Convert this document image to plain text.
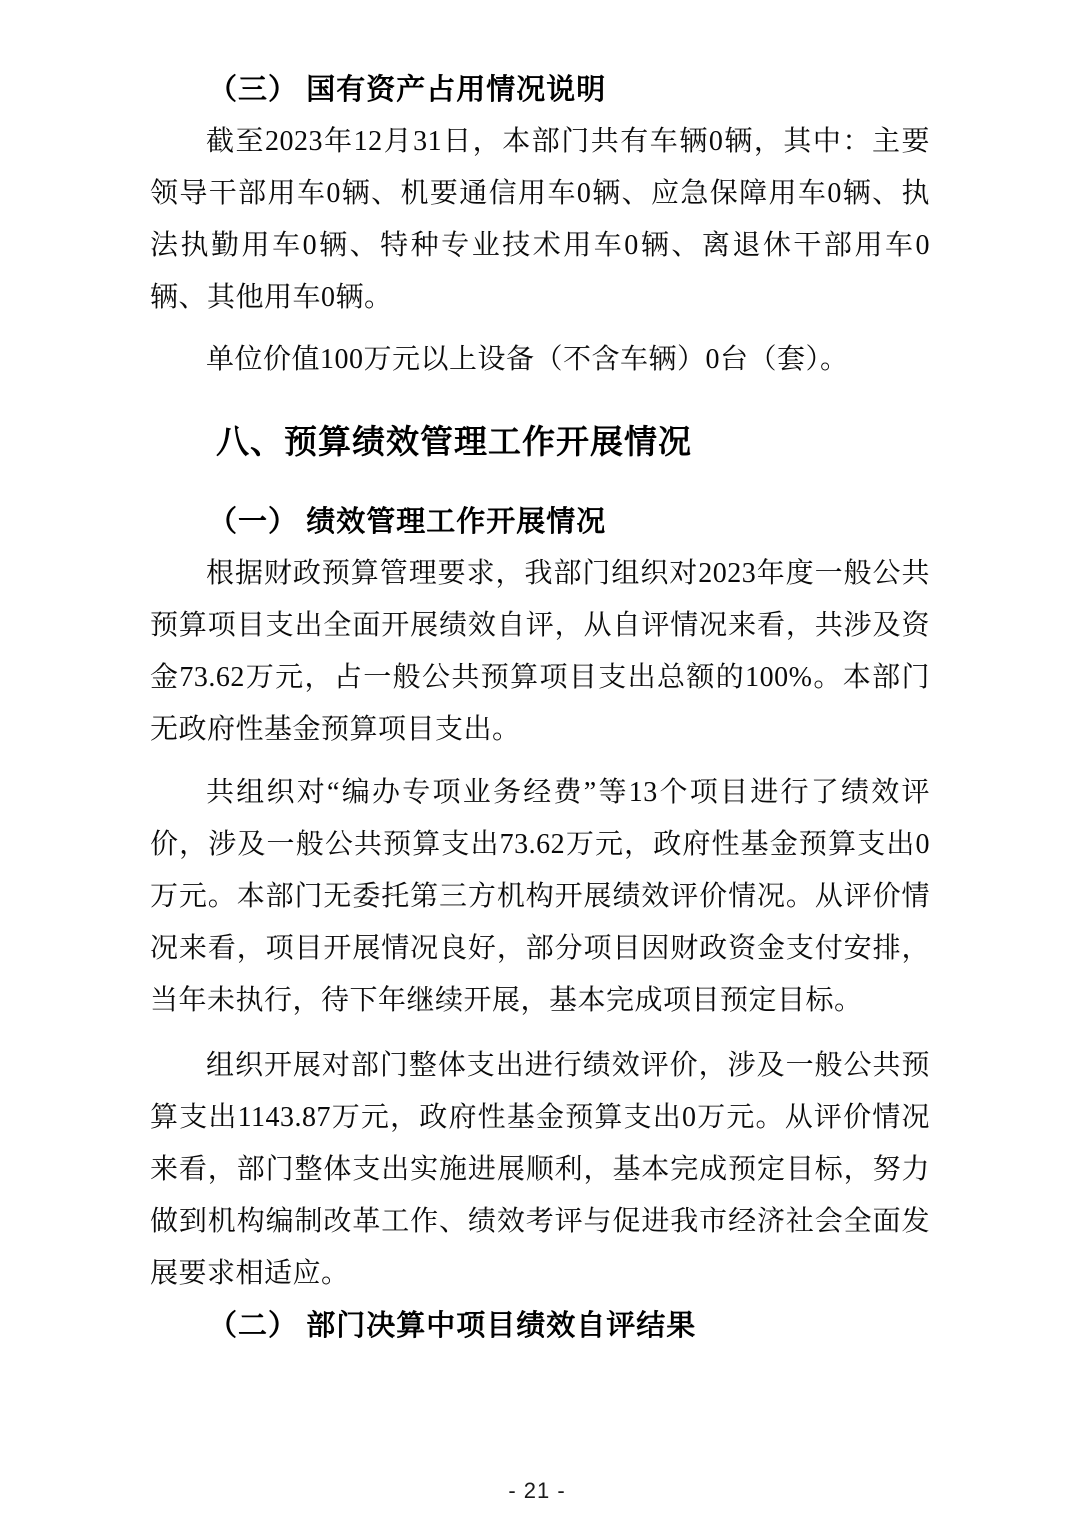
（三） 国有资产占用情况说明

截至2023年12月31日，本部门共有车辆0辆，其中：主要领导干部用车0辆、机要通信用车0辆、应急保障用车0辆、执法执勤用车0辆、特种专业技术用车0辆、离退休干部用车0辆、其他用车0辆。

单位价值100万元以上设备（不含车辆）0台（套）。

八、预算绩效管理工作开展情况
（一） 绩效管理工作开展情况

根据财政预算管理要求，我部门组织对2023年度一般公共预算项目支出全面开展绩效自评，从自评情况来看，共涉及资金73.62万元，占一般公共预算项目支出总额的100%。本部门无政府性基金预算项目支出。

共组织对“编办专项业务经费”等13个项目进行了绩效评价，涉及一般公共预算支出73.62万元，政府性基金预算支出0万元。本部门无委托第三方机构开展绩效评价情况。从评价情况来看，项目开展情况良好，部分项目因财政资金支付安排，当年未执行，待下年继续开展，基本完成项目预定目标。

组织开展对部门整体支出进行绩效评价，涉及一般公共预算支出1143.87万元，政府性基金预算支出0万元。从评价情况来看，部门整体支出实施进展顺利，基本完成预定目标，努力做到机构编制改革工作、绩效考评与促进我市经济社会全面发展要求相适应。

（二） 部门决算中项目绩效自评结果
- 21 -
